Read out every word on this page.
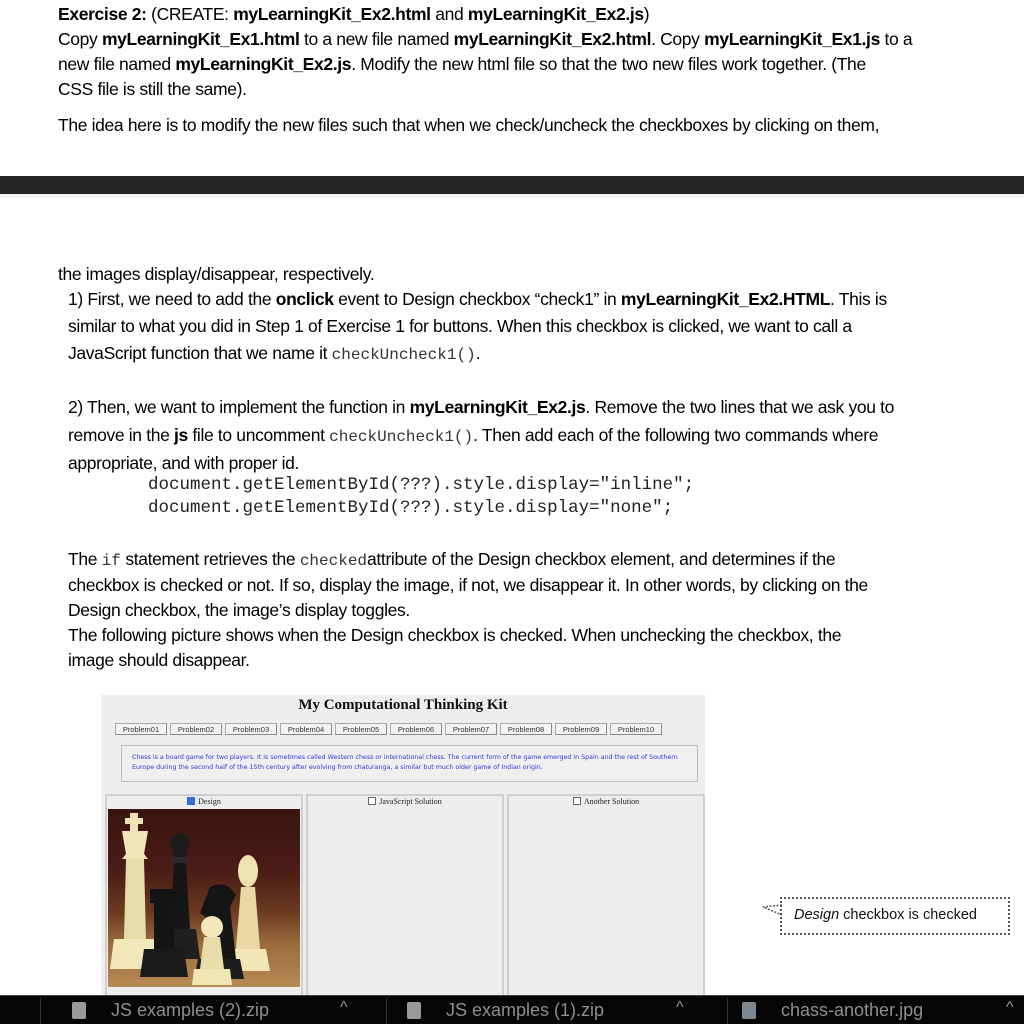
Exercise 2: (CREATE: myLearningKit_Ex2.html and myLearningKit_Ex2.js)
Copy myLearningKit_Ex1.html to a new file named myLearningKit_Ex2.html. Copy myLearningKit_Ex1.js to a
new file named myLearningKit_Ex2.js. Modify the new html file so that the two new files work together. (The
CSS file is still the same).
The idea here is to modify the new files such that when we check/uncheck the checkboxes by clicking on them,
the images display/disappear, respectively.
1) First, we need to add the onclick event to Design checkbox “check1” in myLearningKit_Ex2.HTML. This is
similar to what you did in Step 1 of Exercise 1 for buttons. When this checkbox is clicked, we want to call a
JavaScript function that we name it checkUncheck1().
2) Then, we want to implement the function in myLearningKit_Ex2.js. Remove the two lines that we ask you to
remove in the js file to uncomment checkUncheck1(). Then add each of the following two commands where
appropriate, and with proper id.
document.getElementById(???).style.display="inline";
document.getElementById(???).style.display="none";
The if statement retrieves the checkedattribute of the Design checkbox element, and determines if the
checkbox is checked or not. If so, display the image, if not, we disappear it. In other words, by clicking on the
Design checkbox, the image’s display toggles.
The following picture shows when the Design checkbox is checked. When unchecking the checkbox, the
image should disappear.
My Computational Thinking Kit
Problem01	Problem02	Problem03	Problem04	Problem05	Problem06	Problem07	Problem08	Problem09	Problem10
Chess is a board game for two players. It is sometimes called Western chess or international chess. The current form of the game emerged in Spain and the rest of Southern Europe during the second half of the 15th century after evolving from chaturanga, a similar but much older game of Indian origin.
Design	JavaScript Solution	Another Solution
Design checkbox is checked
JS examples (2).zip	^	JS examples (1).zip	^	chass-another.jpg	^
